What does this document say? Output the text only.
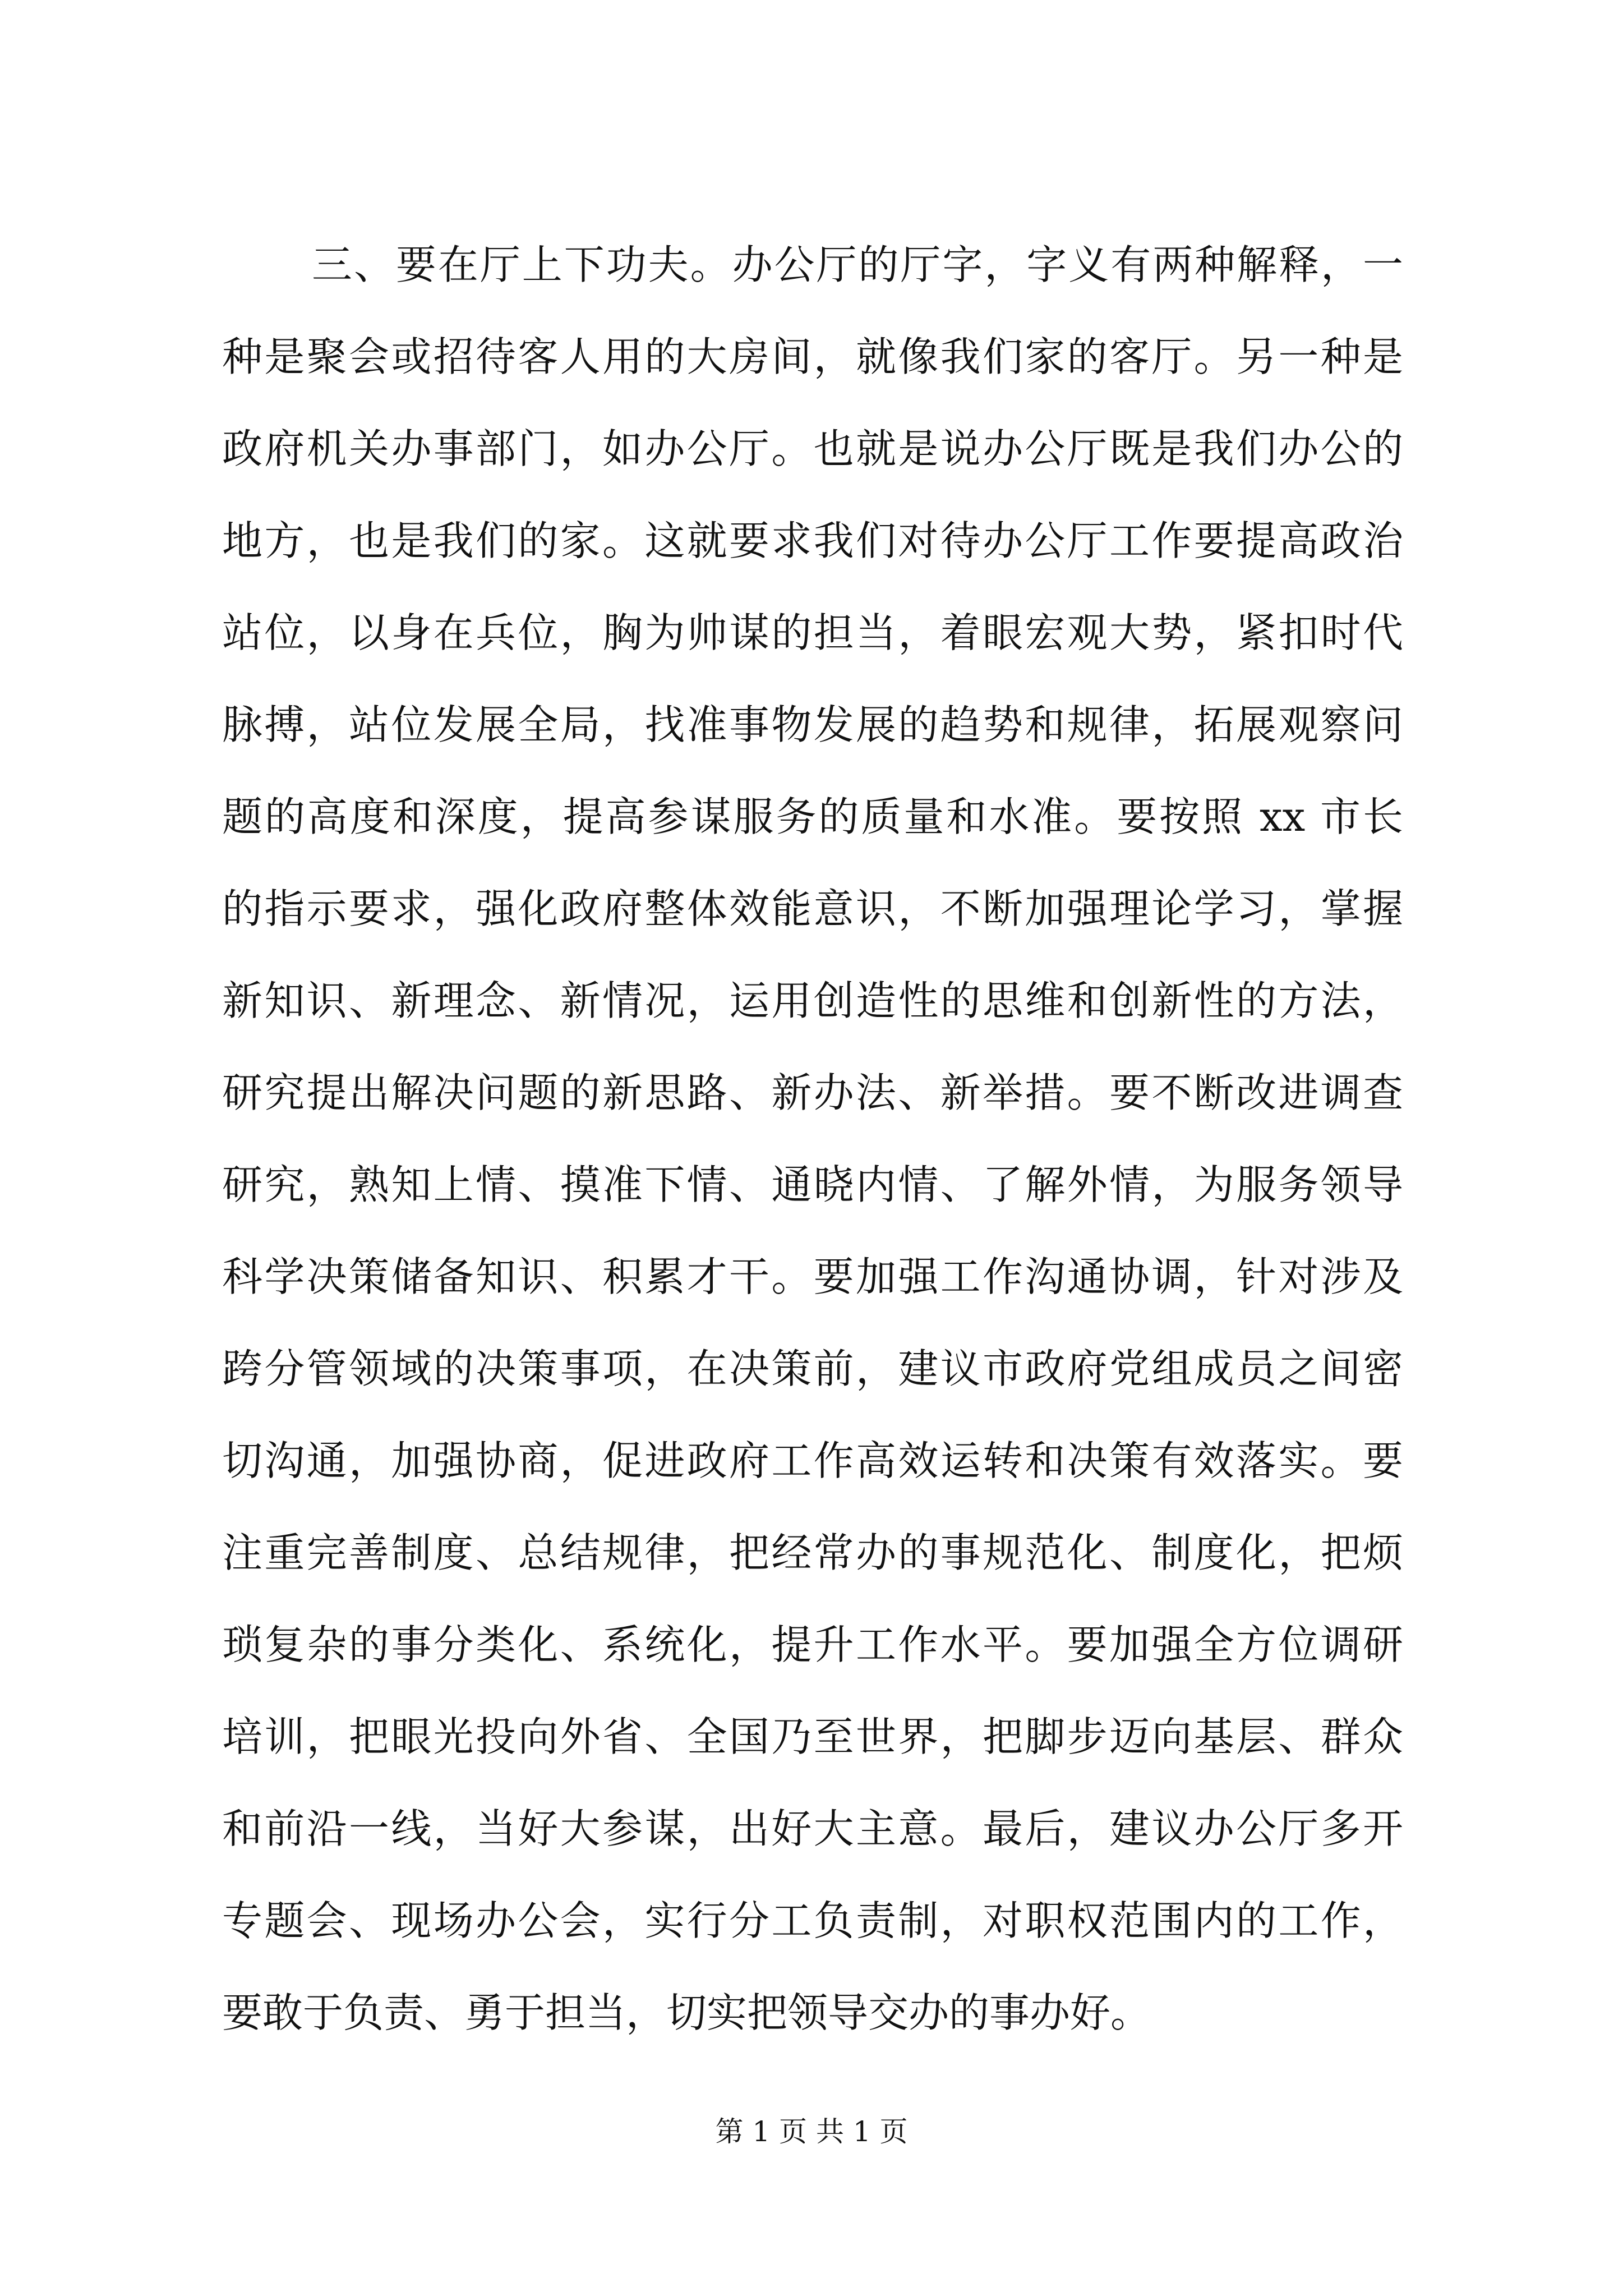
三、要在厅上下功夫。办公厅的厅字，字义有两种解释，一
种是聚会或招待客人用的大房间，就像我们家的客厅。另一种是
政府机关办事部门，如办公厅。也就是说办公厅既是我们办公的
地方，也是我们的家。这就要求我们对待办公厅工作要提高政治
站位，以身在兵位，胸为帅谋的担当，着眼宏观大势，紧扣时代
脉搏，站位发展全局，找准事物发展的趋势和规律，拓展观察问
题的高度和深度，提高参谋服务的质量和水准。要按照 xx 市长
的指示要求，强化政府整体效能意识，不断加强理论学习，掌握
新知识、新理念、新情况，运用创造性的思维和创新性的方法，
研究提出解决问题的新思路、新办法、新举措。要不断改进调查
研究，熟知上情、摸准下情、通晓内情、了解外情，为服务领导
科学决策储备知识、积累才干。要加强工作沟通协调，针对涉及
跨分管领域的决策事项，在决策前，建议市政府党组成员之间密
切沟通，加强协商，促进政府工作高效运转和决策有效落实。要
注重完善制度、总结规律，把经常办的事规范化、制度化，把烦
琐复杂的事分类化、系统化，提升工作水平。要加强全方位调研
培训，把眼光投向外省、全国乃至世界，把脚步迈向基层、群众
和前沿一线，当好大参谋，出好大主意。最后，建议办公厅多开
专题会、现场办公会，实行分工负责制，对职权范围内的工作，
要敢于负责、勇于担当，切实把领导交办的事办好。
第 1 页 共 1 页
